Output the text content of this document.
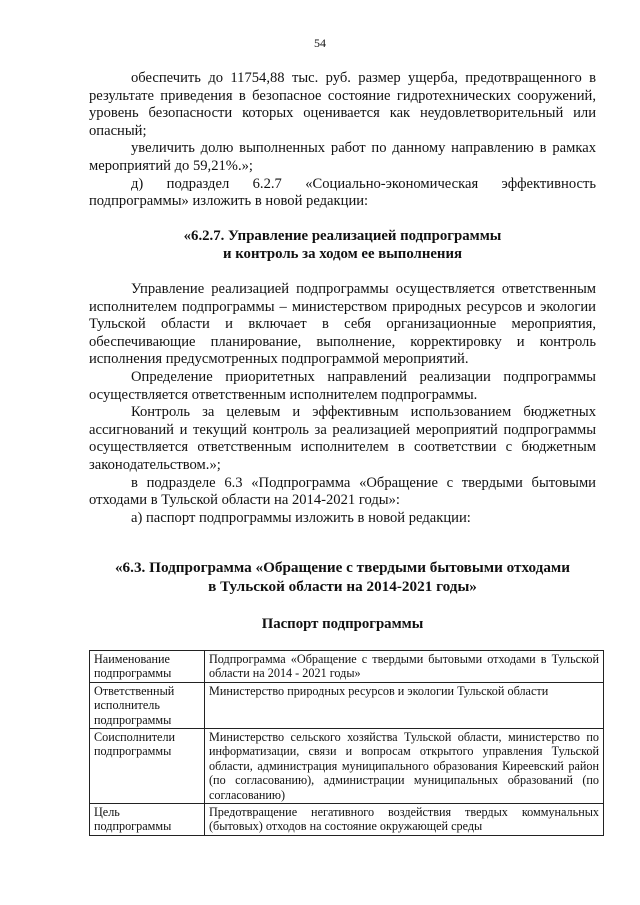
54

обеспечить до 11754,88 тыс. руб. размер ущерба, предотвращенного в результате приведения в безопасное состояние гидротехнических сооружений, уровень безопасности которых оценивается как неудовлетворительный или опасный;

увеличить долю выполненных работ по данному направлению в рамках мероприятий до 59,21%.»;

д) подраздел 6.2.7 «Социально-экономическая эффективность подпрограммы» изложить в новой редакции:

«6.2.7. Управление реализацией подпрограммы

и контроль за ходом ее выполнения

Управление реализацией подпрограммы осуществляется ответственным исполнителем подпрограммы – министерством природных ресурсов и экологии Тульской области и включает в себя организационные мероприятия, обеспечивающие планирование, выполнение, корректировку и контроль исполнения предусмотренных подпрограммой мероприятий.

Определение приоритетных направлений реализации подпрограммы осуществляется ответственным исполнителем подпрограммы.

Контроль за целевым и эффективным использованием бюджетных ассигнований и текущий контроль за реализацией мероприятий подпрограммы осуществляется ответственным исполнителем в соответствии с бюджетным законодательством.»;

в подразделе 6.3 «Подпрограмма «Обращение с твердыми бытовыми отходами в Тульской области на 2014-2021 годы»:

а) паспорт подпрограммы изложить в новой редакции:

«6.3. Подпрограмма «Обращение с твердыми бытовыми отходами

в Тульской области на 2014-2021 годы»

Паспорт подпрограммы

Наименование подпрограммы	Подпрограмма «Обращение с твердыми бытовыми отходами в Тульской области на 2014 - 2021 годы»
Ответственный исполнитель подпрограммы	Министерство природных ресурсов и экологии Тульской области
Соисполнители подпрограммы	Министерство сельского хозяйства Тульской области, министерство по информатизации, связи и вопросам открытого управления Тульской области, администрация муниципального образования Киреевский район (по согласованию), администрации муниципальных образований (по согласованию)
Цель подпрограммы	Предотвращение негативного воздействия твердых коммунальных (бытовых) отходов на состояние окружающей среды
